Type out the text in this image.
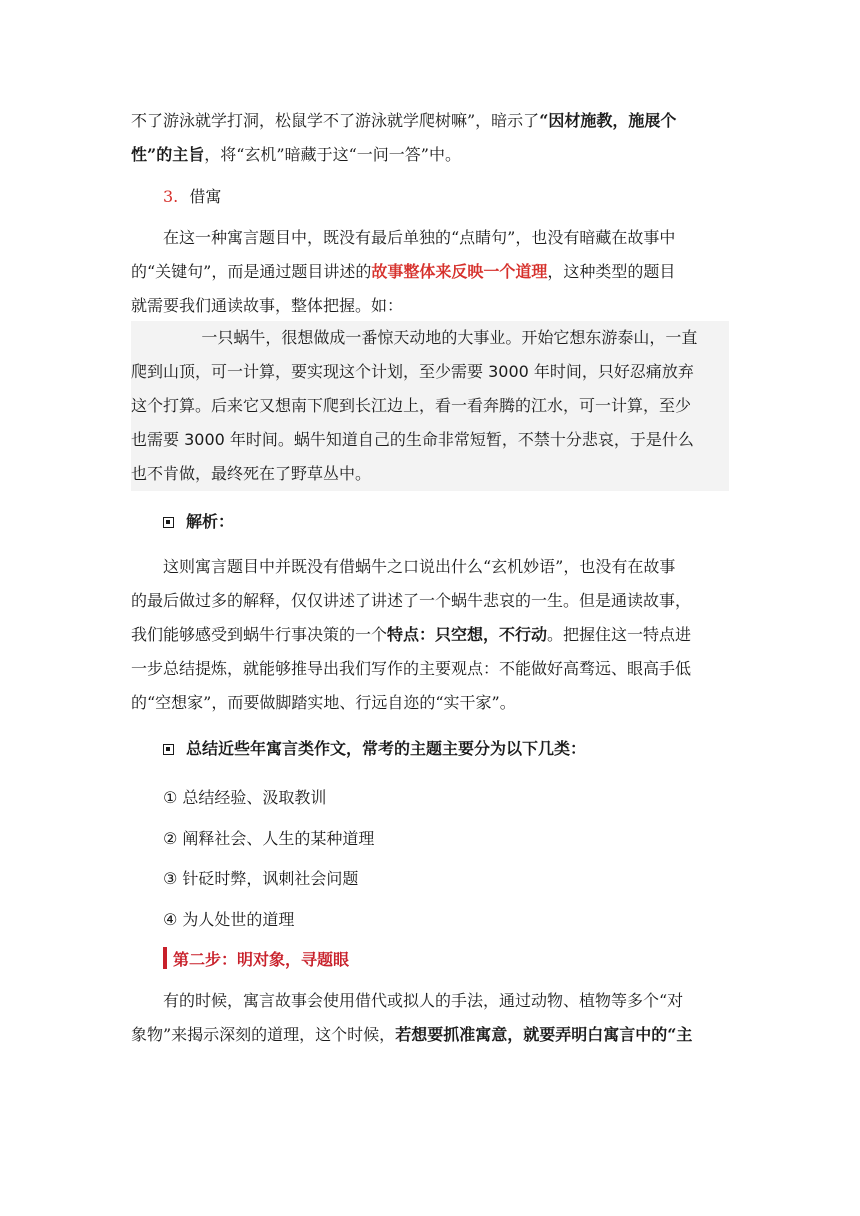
不了游泳就学打洞，松鼠学不了游泳就学爬树嘛”，暗示了“因材施教，施展个
性”的主旨，将“玄机”暗藏于这“一问一答”中。
3. 借寓
在这一种寓言题目中，既没有最后单独的“点睛句”，也没有暗藏在故事中
的“关键句”，而是通过题目讲述的故事整体来反映一个道理，这种类型的题目
就需要我们通读故事，整体把握。如：
一只蜗牛，很想做成一番惊天动地的大事业。开始它想东游泰山，一直
爬到山顶，可一计算，要实现这个计划，至少需要 3000 年时间，只好忍痛放弃
这个打算。后来它又想南下爬到长江边上，看一看奔腾的江水，可一计算，至少
也需要 3000 年时间。蜗牛知道自己的生命非常短暂，不禁十分悲哀，于是什么
也不肯做，最终死在了野草丛中。
解析：
这则寓言题目中并既没有借蜗牛之口说出什么“玄机妙语”，也没有在故事
的最后做过多的解释，仅仅讲述了讲述了一个蜗牛悲哀的一生。但是通读故事，
我们能够感受到蜗牛行事决策的一个特点：只空想，不行动。把握住这一特点进
一步总结提炼，就能够推导出我们写作的主要观点：不能做好高骛远、眼高手低
的“空想家”，而要做脚踏实地、行远自迩的“实干家”。
总结近些年寓言类作文，常考的主题主要分为以下几类：
① 总结经验、汲取教训
② 阐释社会、人生的某种道理
③ 针砭时弊，讽刺社会问题
④ 为人处世的道理
第二步：明对象，寻题眼
有的时候，寓言故事会使用借代或拟人的手法，通过动物、植物等多个“对
象物”来揭示深刻的道理，这个时候，若想要抓准寓意，就要弄明白寓言中的“主
